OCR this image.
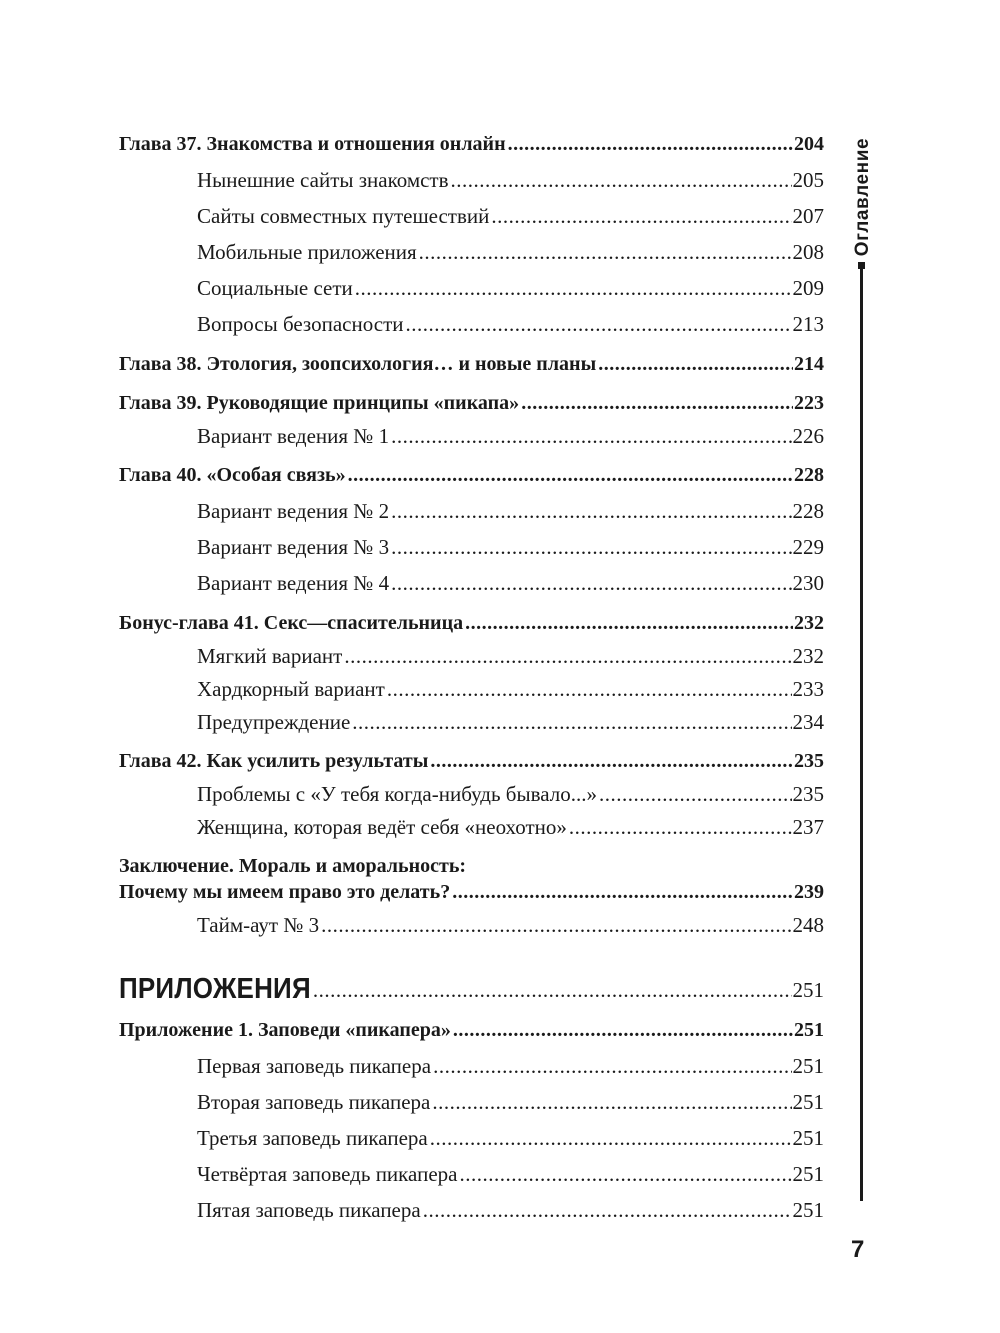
Глава 37. Знакомства и отношения онлайн .....	204
Нынешние сайты знакомств .....	205
Сайты совместных путешествий .....	207
Мобильные приложения .....	208
Социальные сети .....	209
Вопросы безопасности .....	213
Глава 38. Этология, зоопсихология… и новые планы .....	214
Глава 39. Руководящие принципы «пикапа» .....	223
Вариант ведения № 1 .....	226
Глава 40. «Особая связь» .....	228
Вариант ведения № 2 .....	228
Вариант ведения № 3 .....	229
Вариант ведения № 4 .....	230
Бонус-глава 41. Секс—спасительница .....	232
Мягкий вариант .....	232
Хардкорный вариант .....	233
Предупреждение .....	234
Глава 42. Как усилить результаты .....	235
Проблемы с «У тебя когда-нибудь бывало...» .....	235
Женщина, которая ведёт себя «неохотно» .....	237
Заключение. Мораль и аморальность:
Почему мы имеем право это делать? .....	239
Тайм-аут № 3 .....	248
ПРИЛОЖЕНИЯ .....	251
Приложение 1. Заповеди «пикапера» .....	251
Первая заповедь пикапера .....	251
Вторая заповедь пикапера .....	251
Третья заповедь пикапера .....	251
Четвёртая заповедь пикапера .....	251
Пятая заповедь пикапера .....	251
Оглавление
7
